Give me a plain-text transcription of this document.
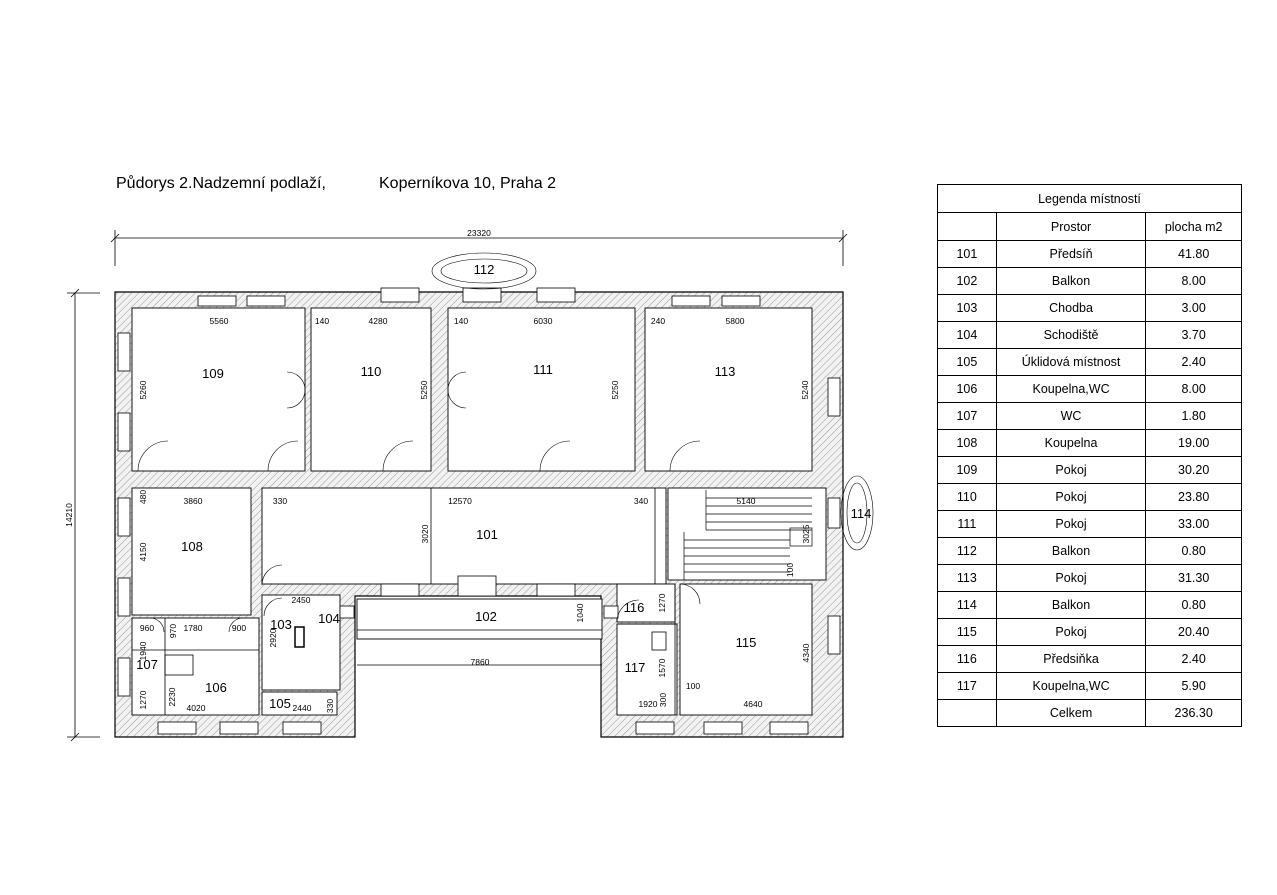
Půdorys 2.Nadzemní podlaží,	Koperníkova 10, Praha 2
23320
14210
5560	140	4280	140	6030	240	5800
5260	5250	5250	5240
3860	330	12570	340	5140
480
4150
3020	3025
100
2450
1040
1270
960 970 1780	900
2920
7860	1570
1940
1270 2230
4020	2440 330	300
1920	4640
4340
100
109	110	111	113
108
101
102
103 104
116
115
117
107
106
105
112
114
Legenda místností		
	Prostor	plocha m2
101	Předsíň	41.80
102	Balkon	8.00
103	Chodba	3.00
104	Schodiště	3.70
105	Úklidová místnost	2.40
106	Koupelna,WC	8.00
107	WC	1.80
108	Koupelna	19.00
109	Pokoj	30.20
110	Pokoj	23.80
111	Pokoj	33.00
112	Balkon	0.80
113	Pokoj	31.30
114	Balkon	0.80
115	Pokoj	20.40
116	Předsiňka	2.40
117	Koupelna,WC	5.90
	Celkem	236.30
